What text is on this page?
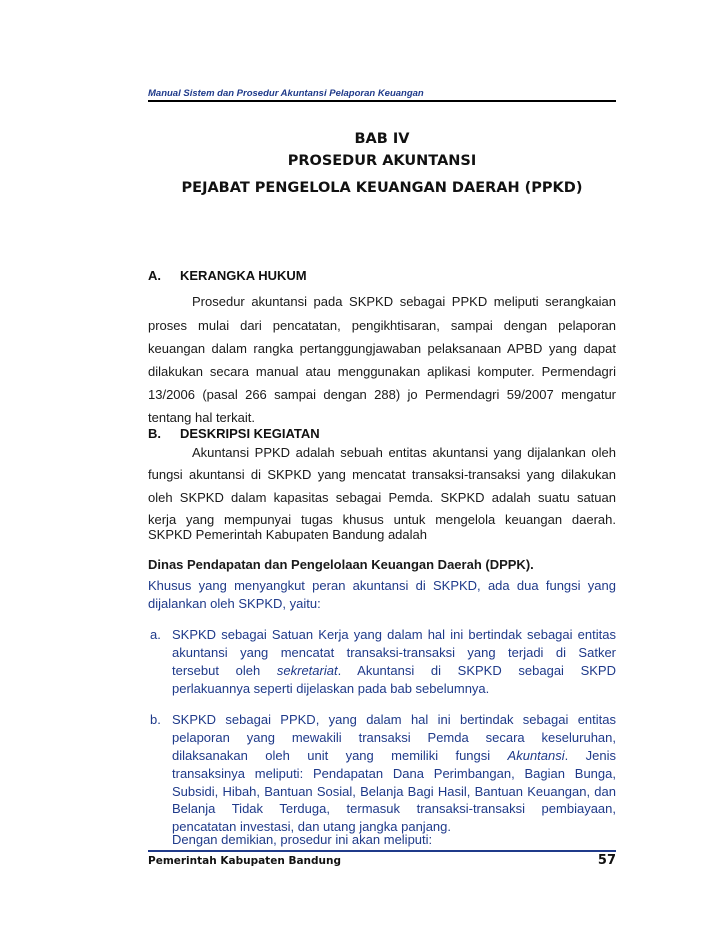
Manual Sistem dan Prosedur Akuntansi Pelaporan Keuangan
BAB IV
PROSEDUR AKUNTANSI
PEJABAT PENGELOLA KEUANGAN DAERAH (PPKD)
A. KERANGKA HUKUM
Prosedur akuntansi pada SKPKD sebagai PPKD meliputi serangkaian
proses mulai dari pencatatan, pengikhtisaran, sampai dengan pelaporan
keuangan dalam rangka pertanggungjawaban pelaksanaan APBD yang dapat
dilakukan secara manual atau menggunakan aplikasi komputer. Permendagri
13/2006 (pasal 266 sampai dengan 288) jo Permendagri 59/2007 mengatur
tentang hal terkait.
B. DESKRIPSI KEGIATAN
Akuntansi PPKD adalah sebuah entitas akuntansi yang dijalankan oleh
fungsi akuntansi di SKPKD yang mencatat transaksi-transaksi yang dilakukan
oleh SKPKD dalam kapasitas sebagai Pemda. SKPKD adalah suatu satuan
kerja yang mempunyai tugas khusus untuk mengelola keuangan daerah.
SKPKD Pemerintah Kabupaten Bandung adalah
Dinas Pendapatan dan Pengelolaan Keuangan Daerah (DPPK).
Khusus yang menyangkut peran akuntansi di SKPKD, ada dua fungsi yang
dijalankan oleh SKPKD, yaitu:
a. SKPKD sebagai Satuan Kerja yang dalam hal ini bertindak sebagai entitas
akuntansi yang mencatat transaksi-transaksi yang terjadi di Satker
tersebut oleh sekretariat. Akuntansi di SKPKD sebagai SKPD
perlakuannya seperti dijelaskan pada bab sebelumnya.
b. SKPKD sebagai PPKD, yang dalam hal ini bertindak sebagai entitas
pelaporan yang mewakili transaksi Pemda secara keseluruhan,
dilaksanakan oleh unit yang memiliki fungsi Akuntansi. Jenis
transaksinya meliputi: Pendapatan Dana Perimbangan, Bagian Bunga,
Subsidi, Hibah, Bantuan Sosial, Belanja Bagi Hasil, Bantuan Keuangan, dan
Belanja Tidak Terduga, termasuk transaksi-transaksi pembiayaan,
pencatatan investasi, dan utang jangka panjang.
Dengan demikian, prosedur ini akan meliputi:
Pemerintah Kabupaten Bandung	57
